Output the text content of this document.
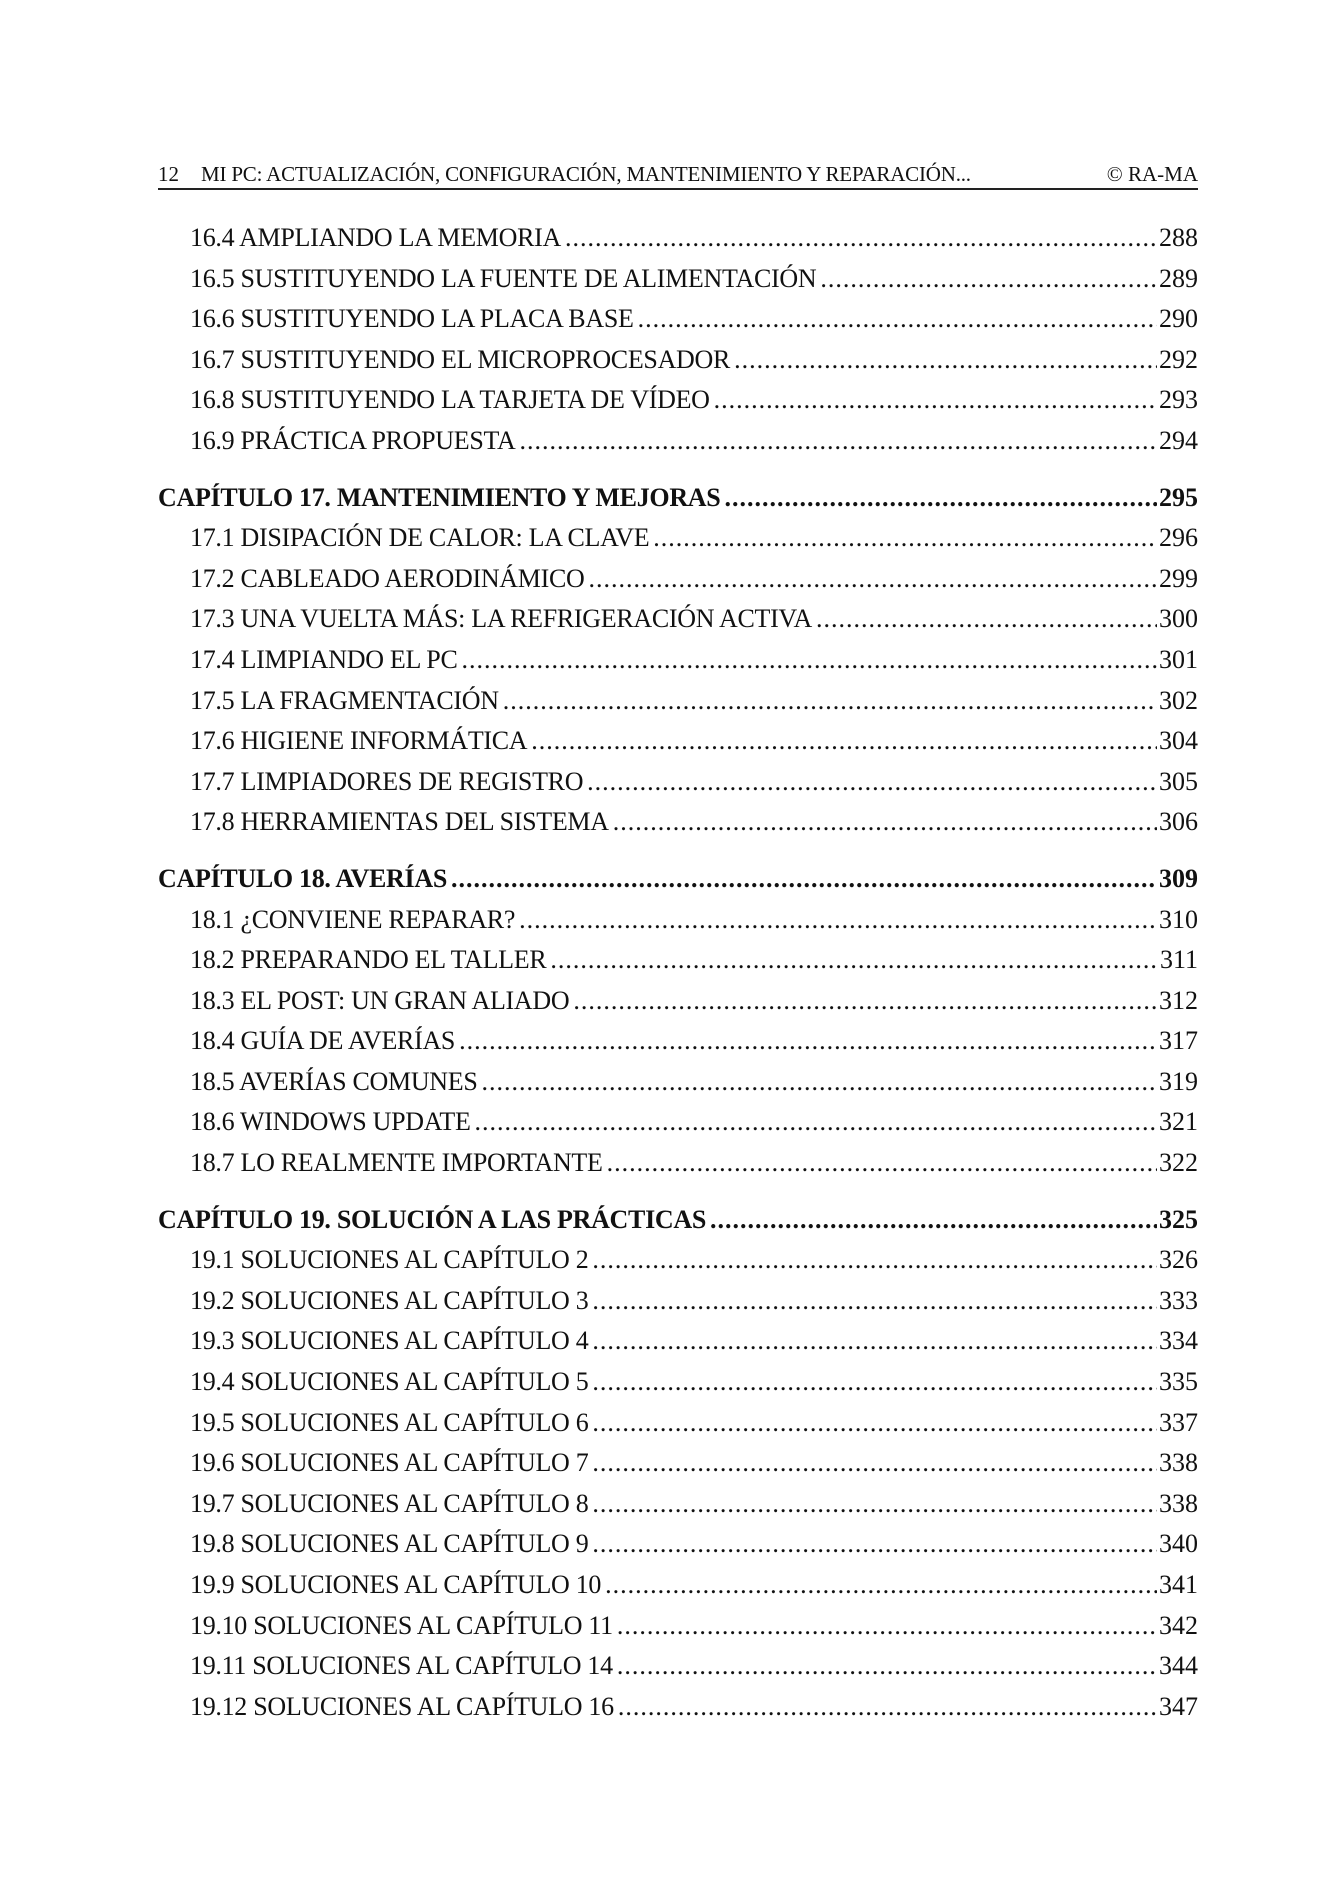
12 MI PC: ACTUALIZACIÓN, CONFIGURACIÓN, MANTENIMIENTO Y REPARACIÓN...	© RA-MA
16.4 AMPLIANDO LA MEMORIA .....	288
16.5 SUSTITUYENDO LA FUENTE DE ALIMENTACIÓN .....	289
16.6 SUSTITUYENDO LA PLACA BASE .....	290
16.7 SUSTITUYENDO EL MICROPROCESADOR .....	292
16.8 SUSTITUYENDO LA TARJETA DE VÍDEO .....	293
16.9 PRÁCTICA PROPUESTA .....	294
CAPÍTULO 17. MANTENIMIENTO Y MEJORAS .....	295
17.1 DISIPACIÓN DE CALOR: LA CLAVE .....	296
17.2 CABLEADO AERODINÁMICO .....	299
17.3 UNA VUELTA MÁS: LA REFRIGERACIÓN ACTIVA .....	300
17.4 LIMPIANDO EL PC .....	301
17.5 LA FRAGMENTACIÓN .....	302
17.6 HIGIENE INFORMÁTICA .....	304
17.7 LIMPIADORES DE REGISTRO .....	305
17.8 HERRAMIENTAS DEL SISTEMA .....	306
CAPÍTULO 18. AVERÍAS .....	309
18.1 ¿CONVIENE REPARAR? .....	310
18.2 PREPARANDO EL TALLER .....	311
18.3 EL POST: UN GRAN ALIADO .....	312
18.4 GUÍA DE AVERÍAS .....	317
18.5 AVERÍAS COMUNES .....	319
18.6 WINDOWS UPDATE .....	321
18.7 LO REALMENTE IMPORTANTE .....	322
CAPÍTULO 19. SOLUCIÓN A LAS PRÁCTICAS .....	325
19.1 SOLUCIONES AL CAPÍTULO 2 .....	326
19.2 SOLUCIONES AL CAPÍTULO 3 .....	333
19.3 SOLUCIONES AL CAPÍTULO 4 .....	334
19.4 SOLUCIONES AL CAPÍTULO 5 .....	335
19.5 SOLUCIONES AL CAPÍTULO 6 .....	337
19.6 SOLUCIONES AL CAPÍTULO 7 .....	338
19.7 SOLUCIONES AL CAPÍTULO 8 .....	338
19.8 SOLUCIONES AL CAPÍTULO 9 .....	340
19.9 SOLUCIONES AL CAPÍTULO 10 .....	341
19.10 SOLUCIONES AL CAPÍTULO 11 .....	342
19.11 SOLUCIONES AL CAPÍTULO 14 .....	344
19.12 SOLUCIONES AL CAPÍTULO 16 .....	347
